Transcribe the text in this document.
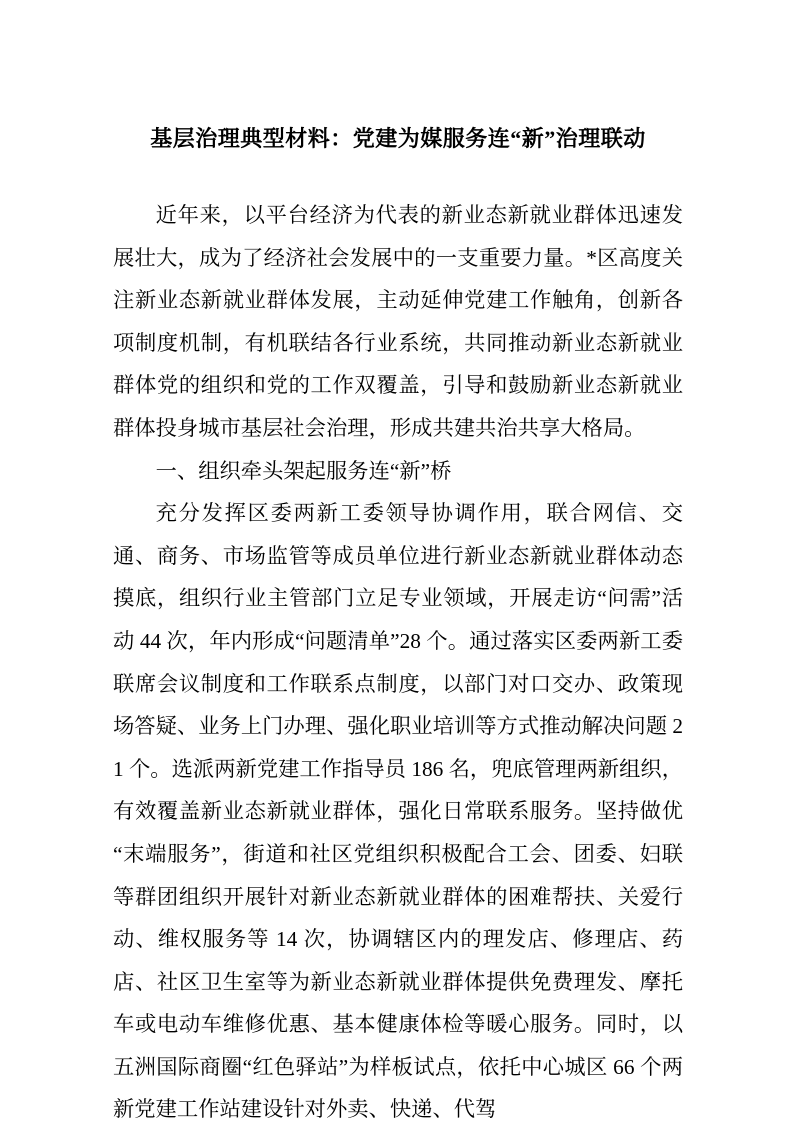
基层治理典型材料：党建为媒服务连“新”治理联动

近年来，以平台经济为代表的新业态新就业群体迅速发展壮大，成为了经济社会发展中的一支重要力量。*区高度关注新业态新就业群体发展，主动延伸党建工作触角，创新各项制度机制，有机联结各行业系统，共同推动新业态新就业群体党的组织和党的工作双覆盖，引导和鼓励新业态新就业群体投身城市基层社会治理，形成共建共治共享大格局。

一、组织牵头架起服务连“新”桥

充分发挥区委两新工委领导协调作用，联合网信、交通、商务、市场监管等成员单位进行新业态新就业群体动态摸底，组织行业主管部门立足专业领域，开展走访“问需”活动 44 次，年内形成“问题清单”28 个。通过落实区委两新工委联席会议制度和工作联系点制度，以部门对口交办、政策现场答疑、业务上门办理、强化职业培训等方式推动解决问题 21 个。选派两新党建工作指导员 186 名，兜底管理两新组织，有效覆盖新业态新就业群体，强化日常联系服务。坚持做优“末端服务”，街道和社区党组织积极配合工会、团委、妇联等群团组织开展针对新业态新就业群体的困难帮扶、关爱行动、维权服务等 14 次，协调辖区内的理发店、修理店、药店、社区卫生室等为新业态新就业群体提供免费理发、摩托车或电动车维修优惠、基本健康体检等暖心服务。同时，以五洲国际商圈“红色驿站”为样板试点，依托中心城区 66 个两新党建工作站建设针对外卖、快递、代驾
